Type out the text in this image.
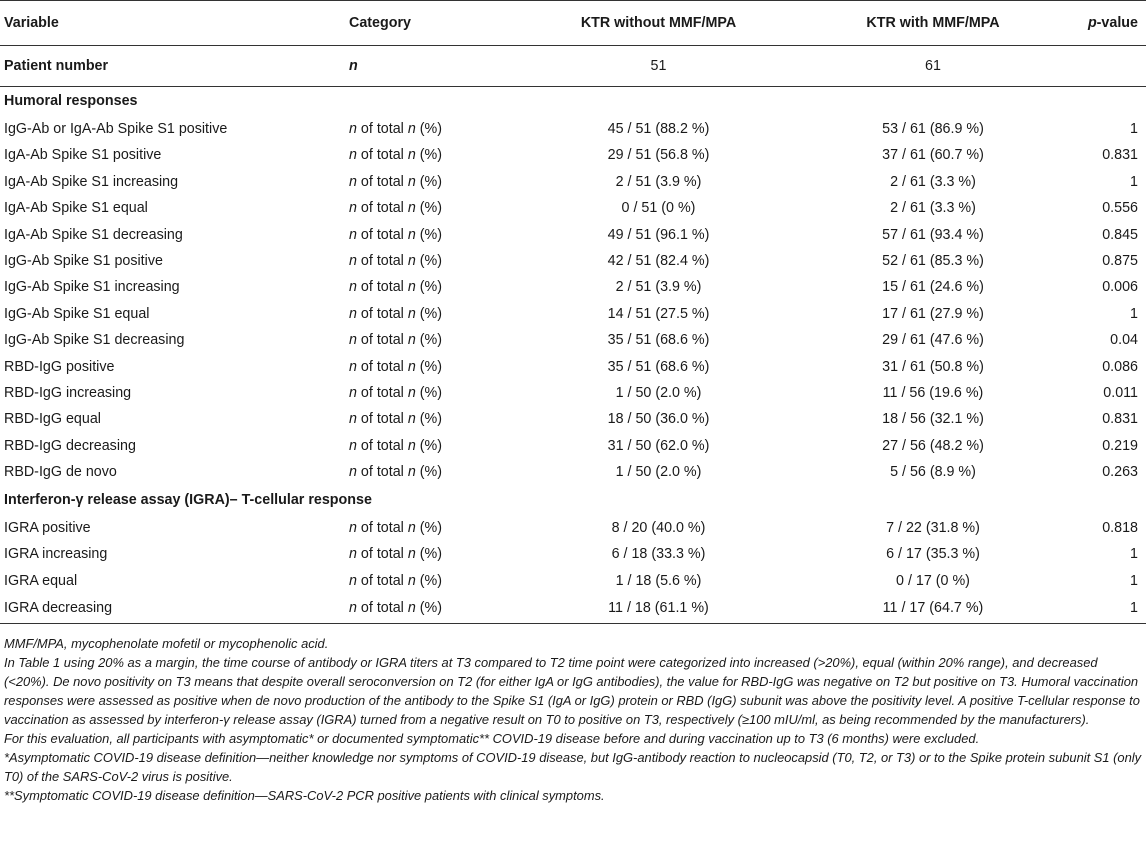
Variable	Category	KTR without MMF/MPA	KTR with MMF/MPA	p-value
Patient number	n	51	61	
Humoral responses				
IgG-Ab or IgA-Ab Spike S1 positive	n of total n (%)	45 / 51 (88.2 %)	53 / 61 (86.9 %)	1
IgA-Ab Spike S1 positive	n of total n (%)	29 / 51 (56.8 %)	37 / 61 (60.7 %)	0.831
IgA-Ab Spike S1 increasing	n of total n (%)	2 / 51 (3.9 %)	2 / 61 (3.3 %)	1
IgA-Ab Spike S1 equal	n of total n (%)	0 / 51 (0 %)	2 / 61 (3.3 %)	0.556
IgA-Ab Spike S1 decreasing	n of total n (%)	49 / 51 (96.1 %)	57 / 61 (93.4 %)	0.845
IgG-Ab Spike S1 positive	n of total n (%)	42 / 51 (82.4 %)	52 / 61 (85.3 %)	0.875
IgG-Ab Spike S1 increasing	n of total n (%)	2 / 51 (3.9 %)	15 / 61 (24.6 %)	0.006
IgG-Ab Spike S1 equal	n of total n (%)	14 / 51 (27.5 %)	17 / 61 (27.9 %)	1
IgG-Ab Spike S1 decreasing	n of total n (%)	35 / 51 (68.6 %)	29 / 61 (47.6 %)	0.04
RBD-IgG positive	n of total n (%)	35 / 51 (68.6 %)	31 / 61 (50.8 %)	0.086
RBD-IgG increasing	n of total n (%)	1 / 50 (2.0 %)	11 / 56 (19.6 %)	0.011
RBD-IgG equal	n of total n (%)	18 / 50 (36.0 %)	18 / 56 (32.1 %)	0.831
RBD-IgG decreasing	n of total n (%)	31 / 50 (62.0 %)	27 / 56 (48.2 %)	0.219
RBD-IgG de novo	n of total n (%)	1 / 50 (2.0 %)	5 / 56 (8.9 %)	0.263
Interferon-γ release assay (IGRA)– T-cellular response				
IGRA positive	n of total n (%)	8 / 20 (40.0 %)	7 / 22 (31.8 %)	0.818
IGRA increasing	n of total n (%)	6 / 18 (33.3 %)	6 / 17 (35.3 %)	1
IGRA equal	n of total n (%)	1 / 18 (5.6 %)	0 / 17 (0 %)	1
IGRA decreasing	n of total n (%)	11 / 18 (61.1 %)	11 / 17 (64.7 %)	1

MMF/MPA, mycophenolate mofetil or mycophenolic acid.

In Table 1 using 20% as a margin, the time course of antibody or IGRA titers at T3 compared to T2 time point were categorized into increased (>20%), equal (within 20% range), and decreased (<20%). De novo positivity on T3 means that despite overall seroconversion on T2 (for either IgA or IgG antibodies), the value for RBD-IgG was negative on T2 but positive on T3. Humoral vaccination responses were assessed as positive when de novo production of the antibody to the Spike S1 (IgA or IgG) protein or RBD (IgG) subunit was above the positivity level. A positive T-cellular response to vaccination as assessed by interferon-γ release assay (IGRA) turned from a negative result on T0 to positive on T3, respectively (≥100 mIU/ml, as being recommended by the manufacturers).

For this evaluation, all participants with asymptomatic* or documented symptomatic** COVID-19 disease before and during vaccination up to T3 (6 months) were excluded.

*Asymptomatic COVID-19 disease definition—neither knowledge nor symptoms of COVID-19 disease, but IgG-antibody reaction to nucleocapsid (T0, T2, or T3) or to the Spike protein subunit S1 (only T0) of the SARS-CoV-2 virus is positive.

**Symptomatic COVID-19 disease definition—SARS-CoV-2 PCR positive patients with clinical symptoms.
